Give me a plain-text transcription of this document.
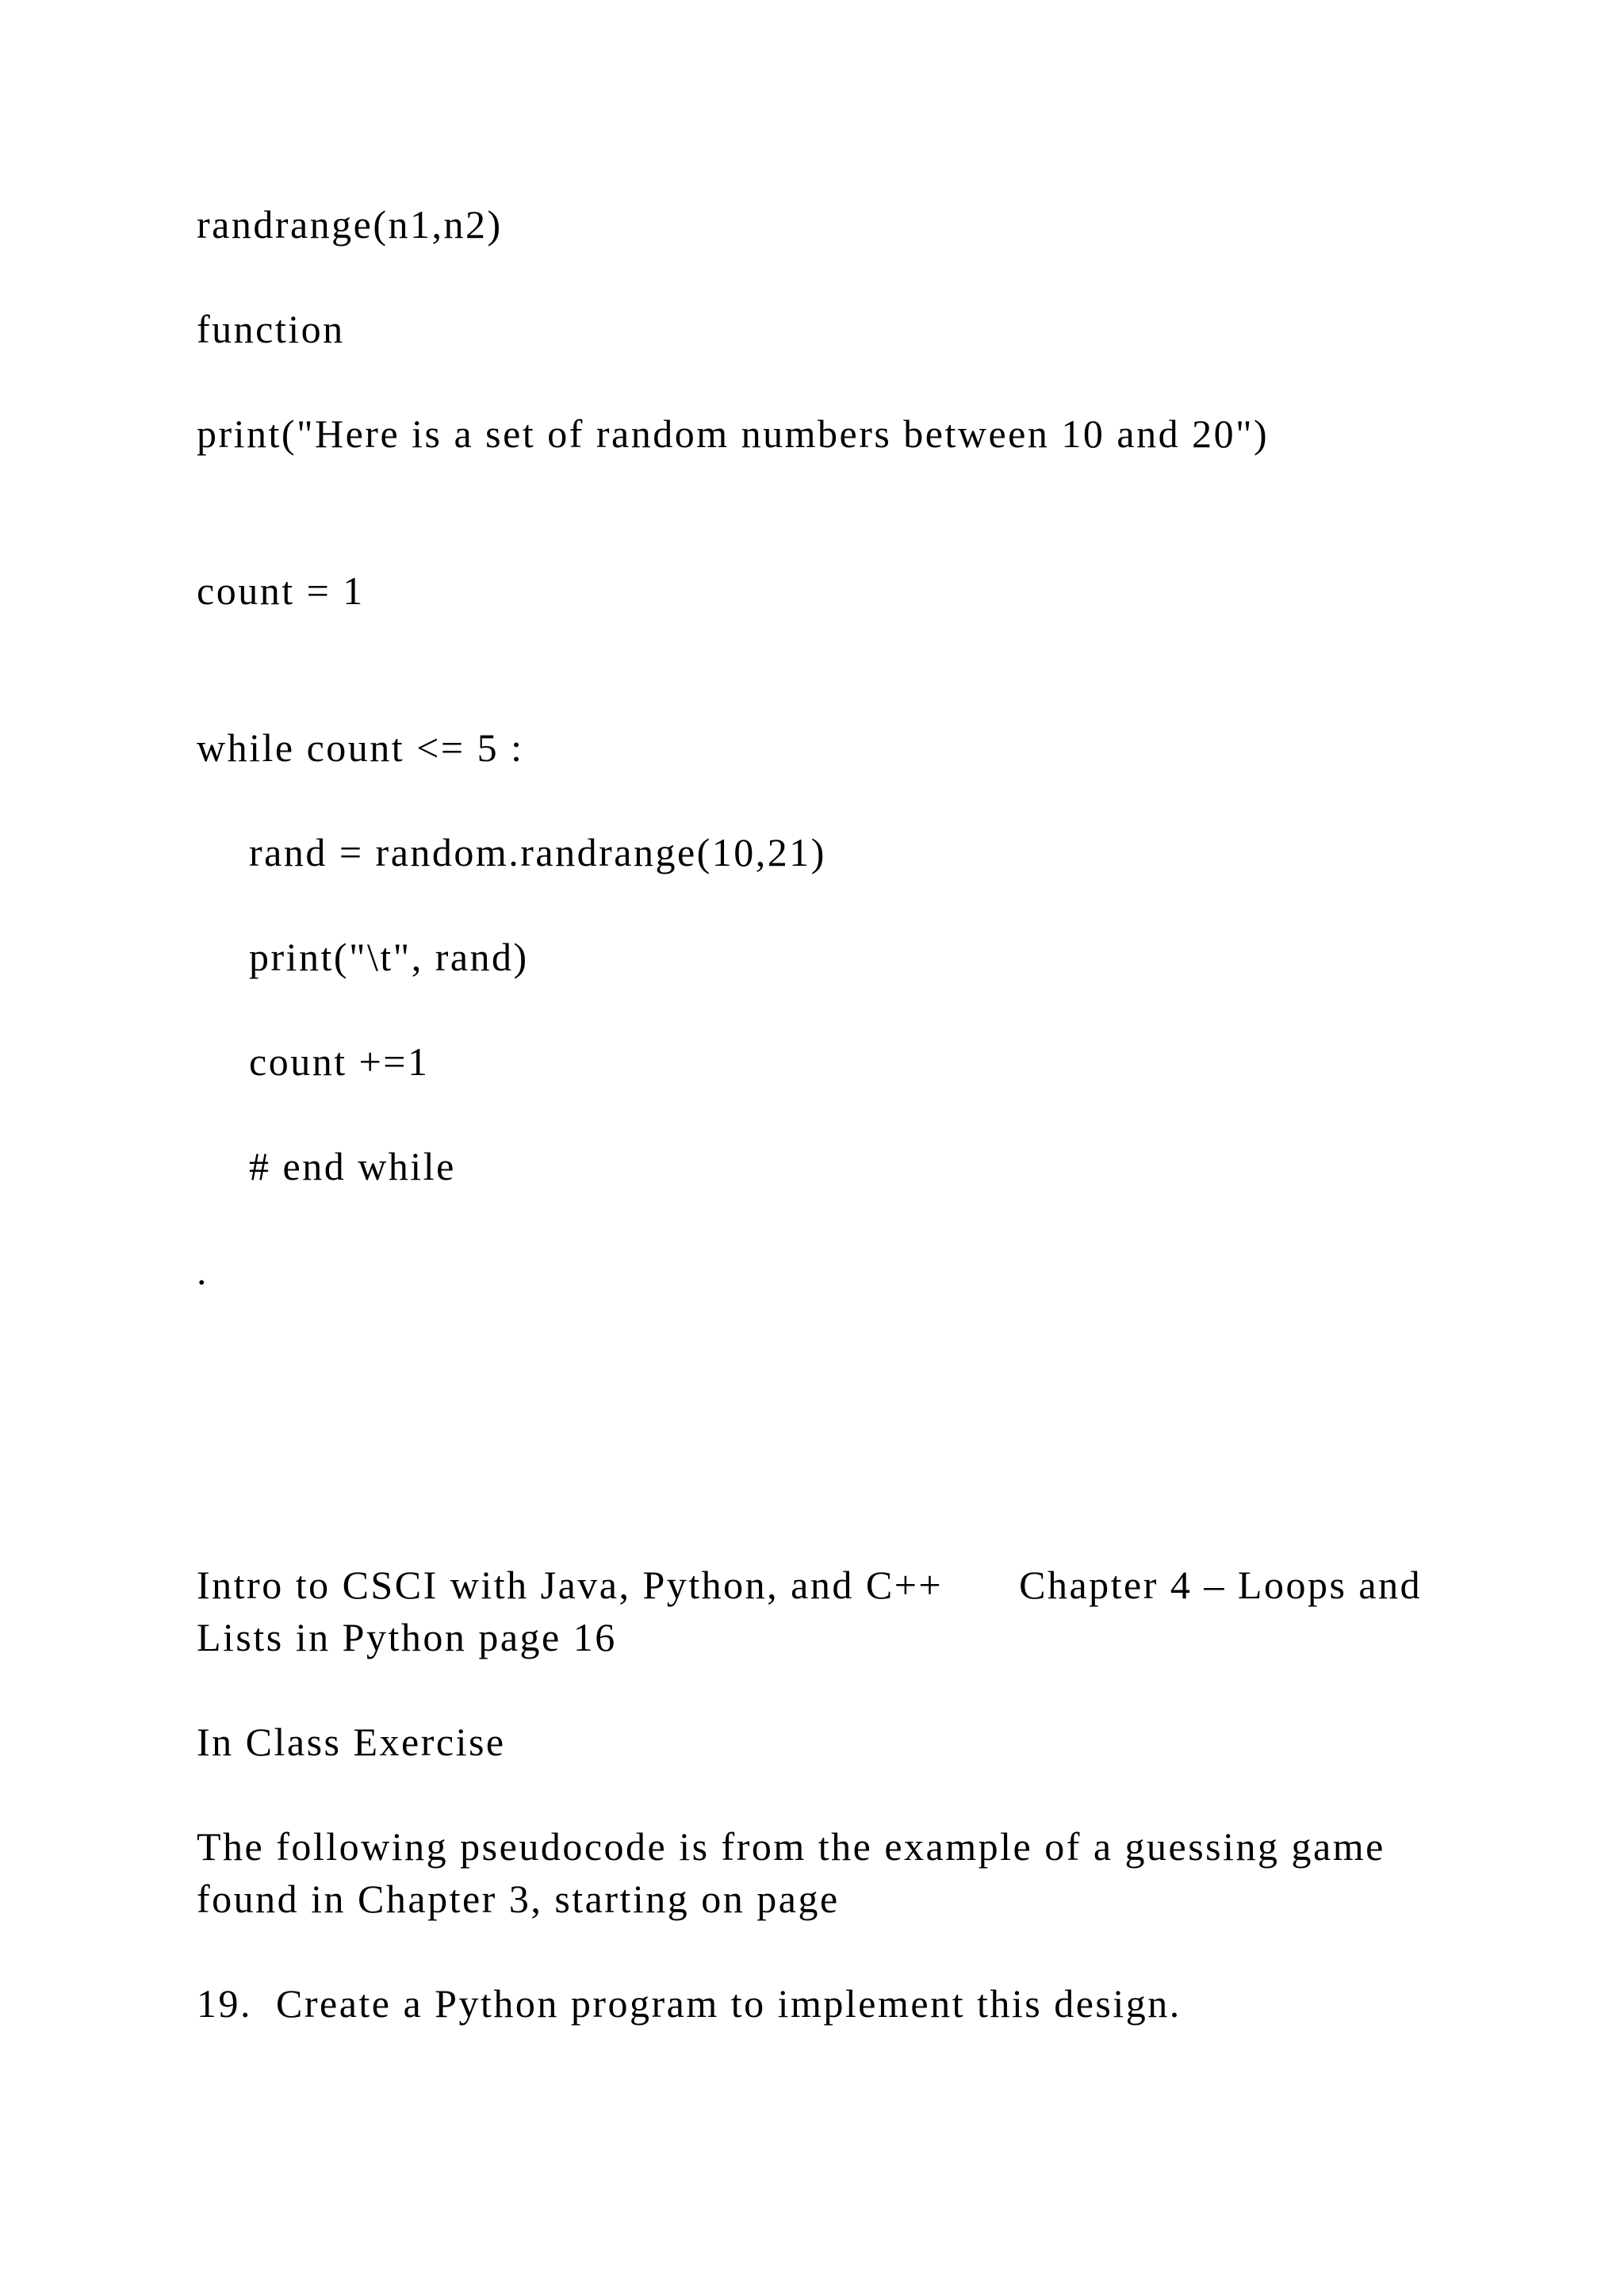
randrange(n1,n2)
function
print("Here is a set of random numbers between 10 and 20")
count = 1
while count <= 5 :
rand = random.randrange(10,21)
print("\t", rand)
count +=1
# end while
.
Intro to CSCI with Java, Python, and C++ Chapter 4 – Loops and Lists in Python page 16
In Class Exercise
The following pseudocode is from the example of a guessing game found in Chapter 3, starting on page
19.  Create a Python program to implement this design.
